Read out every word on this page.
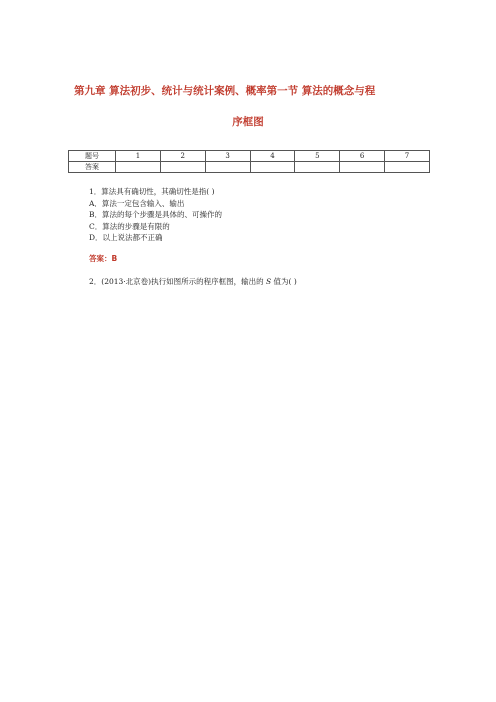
第九章 算法初步、统计与统计案例、概率第一节 算法的概念与程
序框图
题号	1	2	3	4	5	6	7
答案							
1．算法具有确切性，其确切性是指( )
A．算法一定包含输入、输出
B．算法的每个步骤是具体的、可操作的
C．算法的步骤是有限的
D．以上说法都不正确
答案：B
2．(2013·北京卷)执行如图所示的程序框图，输出的 S 值为( )
